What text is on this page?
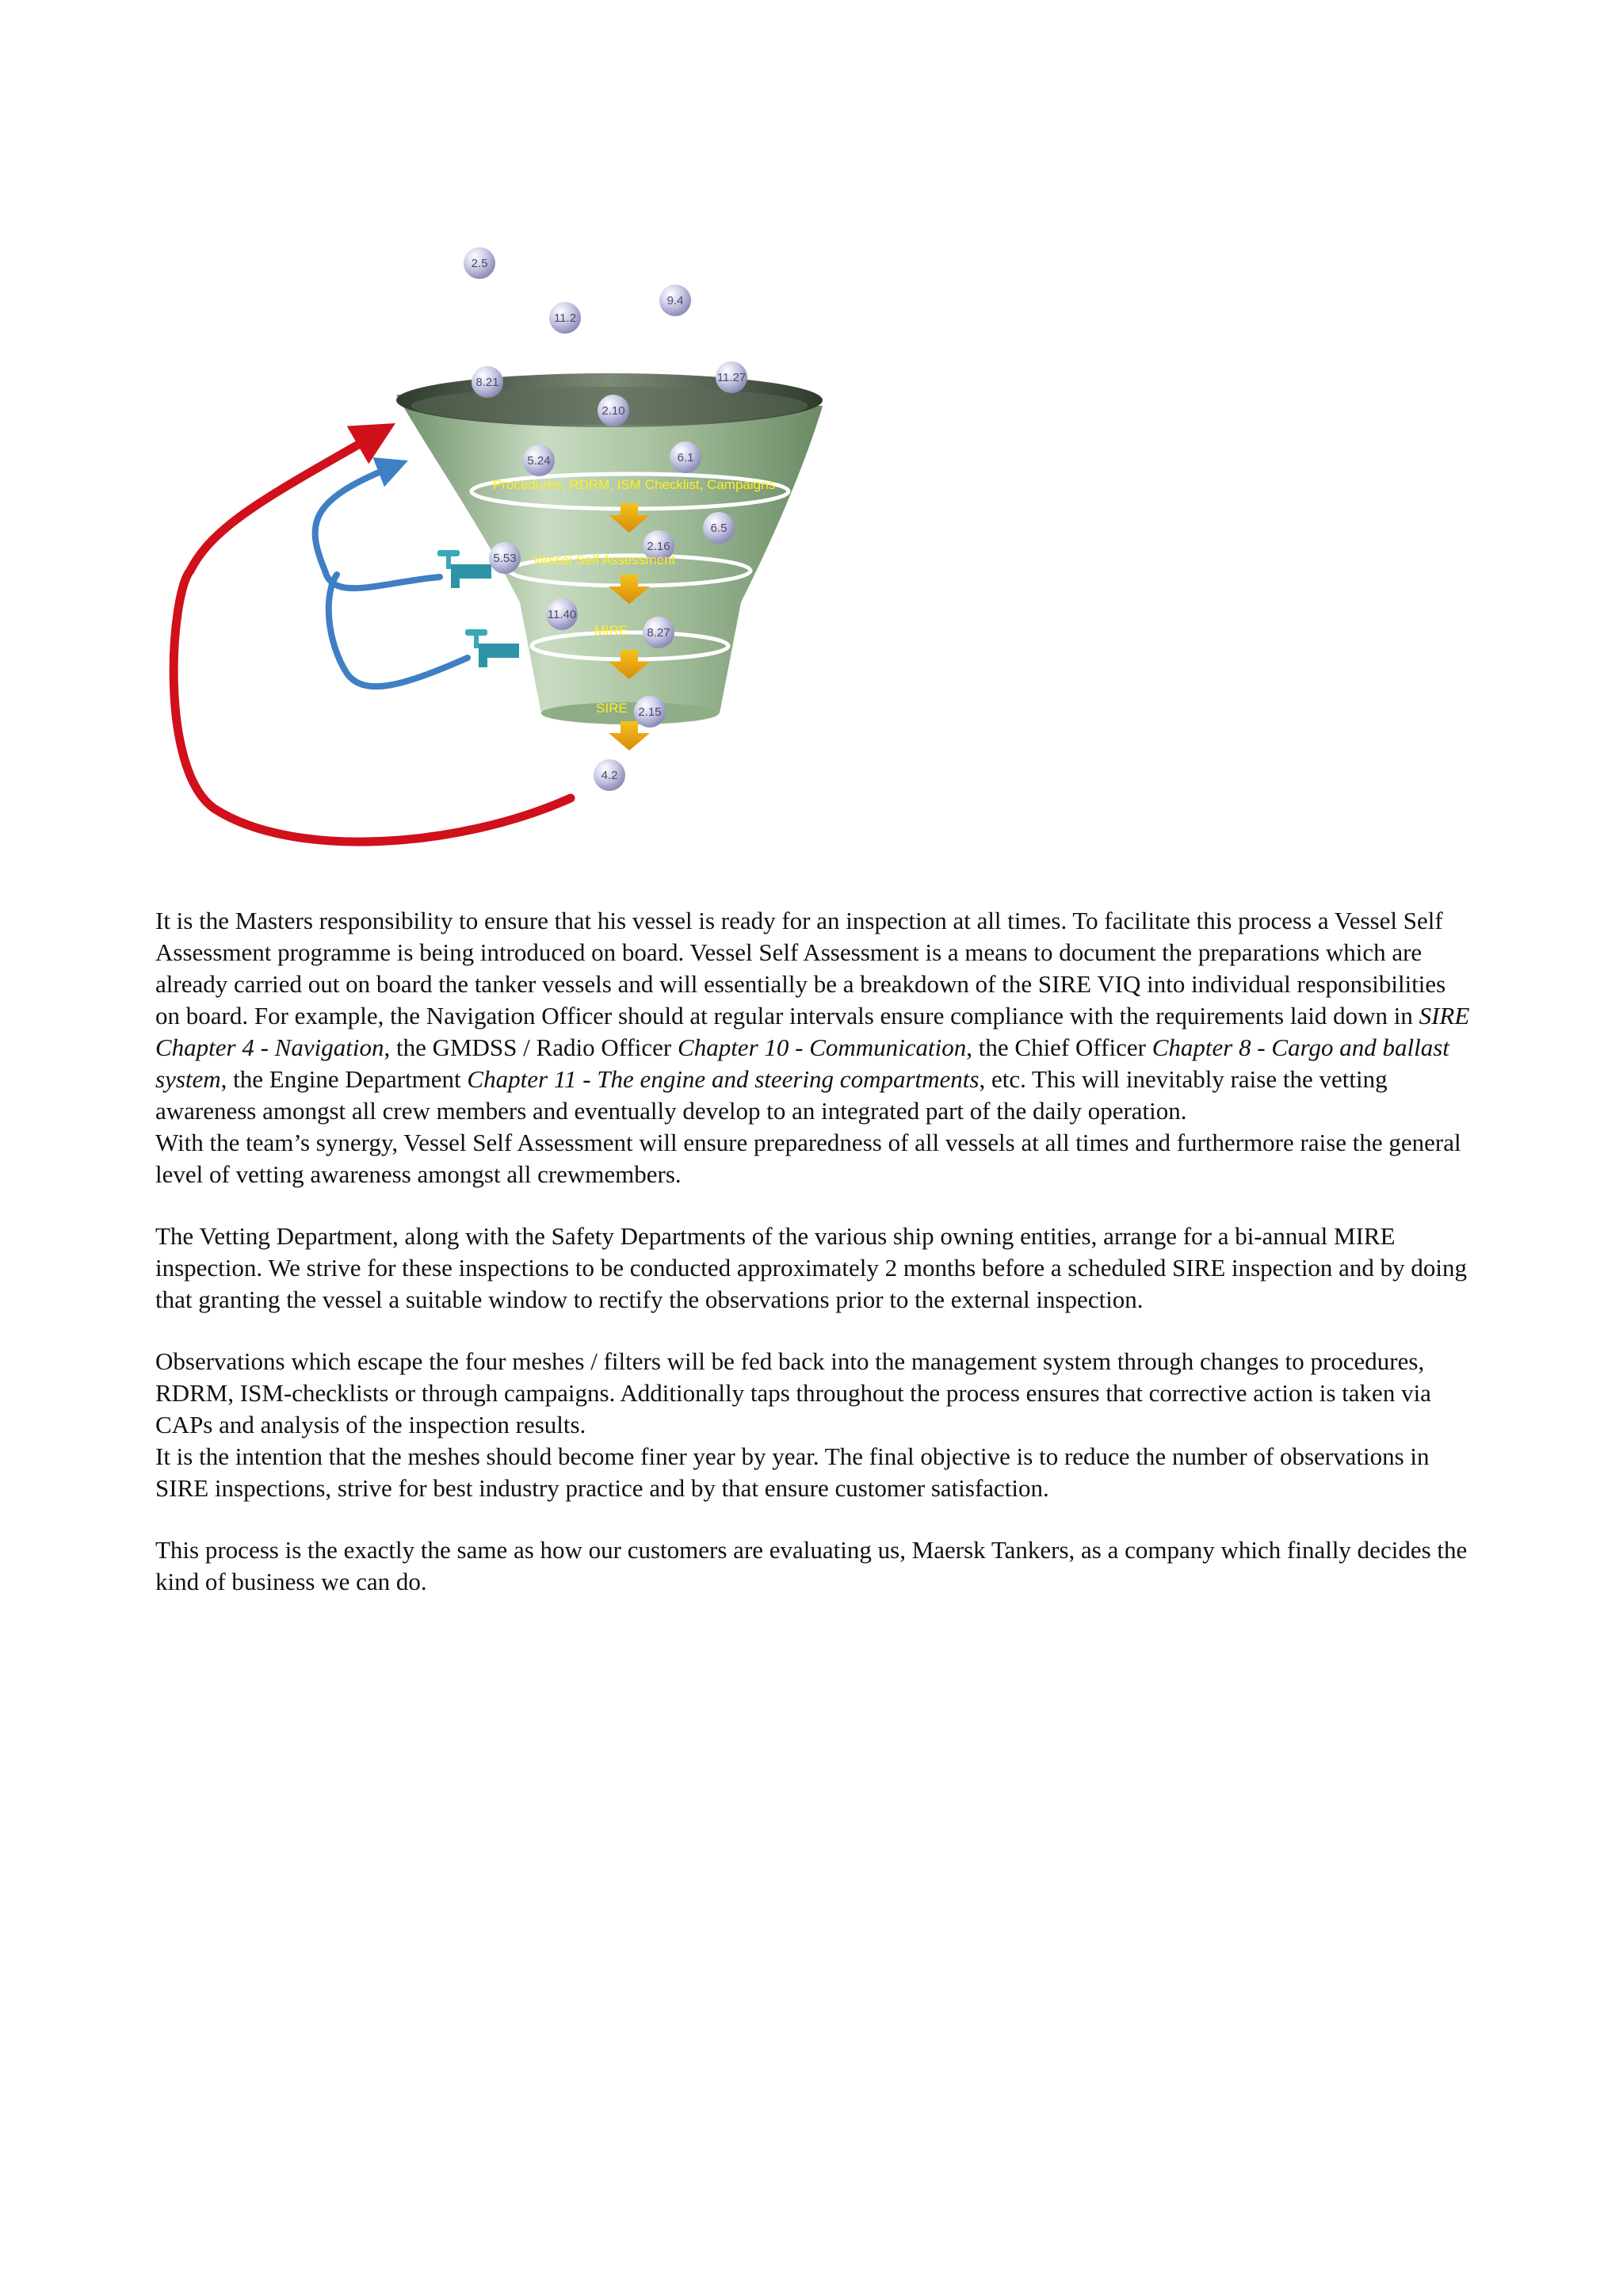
2.5
11.2
9.4
8.21	11.27
2.10
5.24	6.1
6.5
5.53
2.16
11.40
8.27
2.15
4.2
Procedures, RDRM, ISM Checklist, Campaigns
Vessel Self Assessment
MIRE
SIRE

It is the Masters responsibility to ensure that his vessel is ready for an inspection at all times. To facilitate this process a Vessel Self Assessment programme is being introduced on board. Vessel Self Assessment is a means to document the preparations which are already carried out on board the tanker vessels and will essentially be a breakdown of the SIRE VIQ into individual responsibilities on board. For example, the Navigation Officer should at regular intervals ensure compliance with the requirements laid down in SIRE Chapter 4 - Navigation, the GMDSS / Radio Officer Chapter 10 - Communication, the Chief Officer Chapter 8 - Cargo and ballast system, the Engine Department Chapter 11 - The engine and steering compartments, etc. This will inevitably raise the vetting awareness amongst all crew members and eventually develop to an integrated part of the daily operation.

With the team’s synergy, Vessel Self Assessment will ensure preparedness of all vessels at all times and furthermore raise the general level of vetting awareness amongst all crewmembers.

The Vetting Department, along with the Safety Departments of the various ship owning entities, arrange for a bi-annual MIRE inspection. We strive for these inspections to be conducted approximately 2 months before a scheduled SIRE inspection and by doing that granting the vessel a suitable window to rectify the observations prior to the external inspection.

Observations which escape the four meshes / filters will be fed back into the management system through changes to procedures, RDRM, ISM-checklists or through campaigns. Additionally taps throughout the process ensures that corrective action is taken via CAPs and analysis of the inspection results.

It is the intention that the meshes should become finer year by year. The final objective is to reduce the number of observations in SIRE inspections, strive for best industry practice and by that ensure customer satisfaction.

This process is the exactly the same as how our customers are evaluating us, Maersk Tankers, as a company which finally decides the kind of business we can do.
